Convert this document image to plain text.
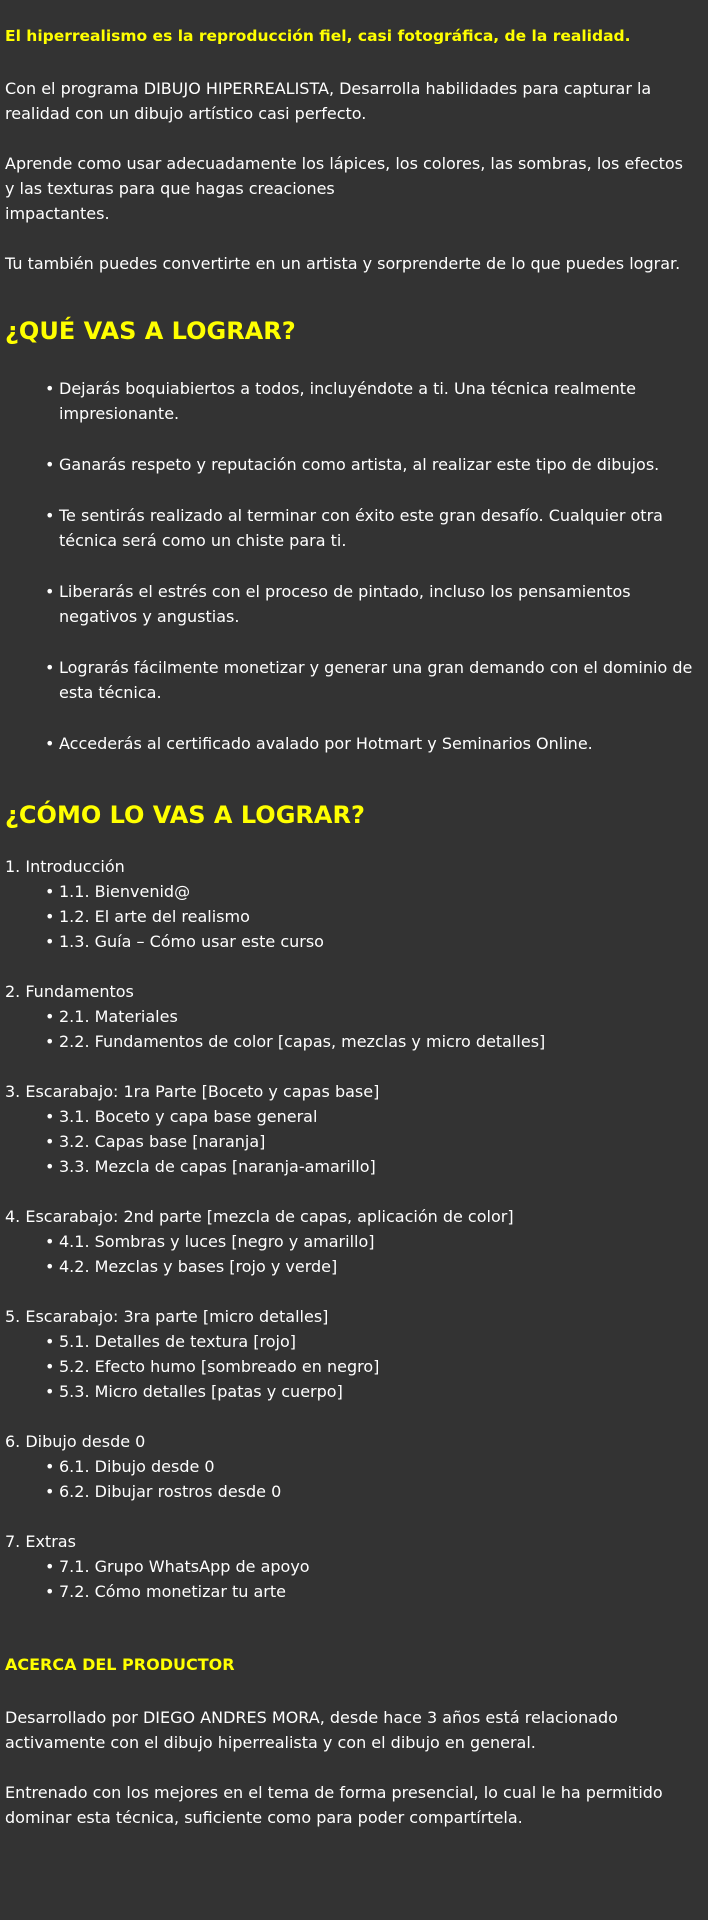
El hiperrealismo es la reproducción fiel, casi fotográfica, de la realidad.

Con el programa DIBUJO HIPERREALISTA, Desarrolla habilidades para capturar la realidad con un dibujo artístico casi perfecto.

Aprende como usar adecuadamente los lápices, los colores, las sombras, los efectos y las texturas para que hagas creaciones
impactantes.

Tu también puedes convertirte en un artista y sorprenderte de lo que puedes lograr.

¿QUÉ VAS A LOGRAR?
• Dejarás boquiabiertos a todos, incluyéndote a ti. Una técnica realmente impresionante.
• Ganarás respeto y reputación como artista, al realizar este tipo de dibujos.
• Te sentirás realizado al terminar con éxito este gran desafío. Cualquier otra técnica será como un chiste para ti.
• Liberarás el estrés con el proceso de pintado, incluso los pensamientos negativos y angustias.
• Lograrás fácilmente monetizar y generar una gran demando con el dominio de esta técnica.
• Accederás al certificado avalado por Hotmart y Seminarios Online.
¿CÓMO LO VAS A LOGRAR?
1. Introducción
• 1.1. Bienvenid@
• 1.2. El arte del realismo
• 1.3. Guía – Cómo usar este curso
2. Fundamentos
• 2.1. Materiales
• 2.2. Fundamentos de color [capas, mezclas y micro detalles]
3. Escarabajo: 1ra Parte [Boceto y capas base]
• 3.1. Boceto y capa base general
• 3.2. Capas base [naranja]
• 3.3. Mezcla de capas [naranja-amarillo]
4. Escarabajo: 2nd parte [mezcla de capas, aplicación de color]
• 4.1. Sombras y luces [negro y amarillo]
• 4.2. Mezclas y bases [rojo y verde]
5. Escarabajo: 3ra parte [micro detalles]
• 5.1. Detalles de textura [rojo]
• 5.2. Efecto humo [sombreado en negro]
• 5.3. Micro detalles [patas y cuerpo]
6. Dibujo desde 0
• 6.1. Dibujo desde 0
• 6.2. Dibujar rostros desde 0
7. Extras
• 7.1. Grupo WhatsApp de apoyo
• 7.2. Cómo monetizar tu arte
ACERCA DEL PRODUCTOR

Desarrollado por DIEGO ANDRES MORA, desde hace 3 años está relacionado activamente con el dibujo hiperrealista y con el dibujo en general.

Entrenado con los mejores en el tema de forma presencial, lo cual le ha permitido dominar esta técnica, suficiente como para poder compartírtela.
